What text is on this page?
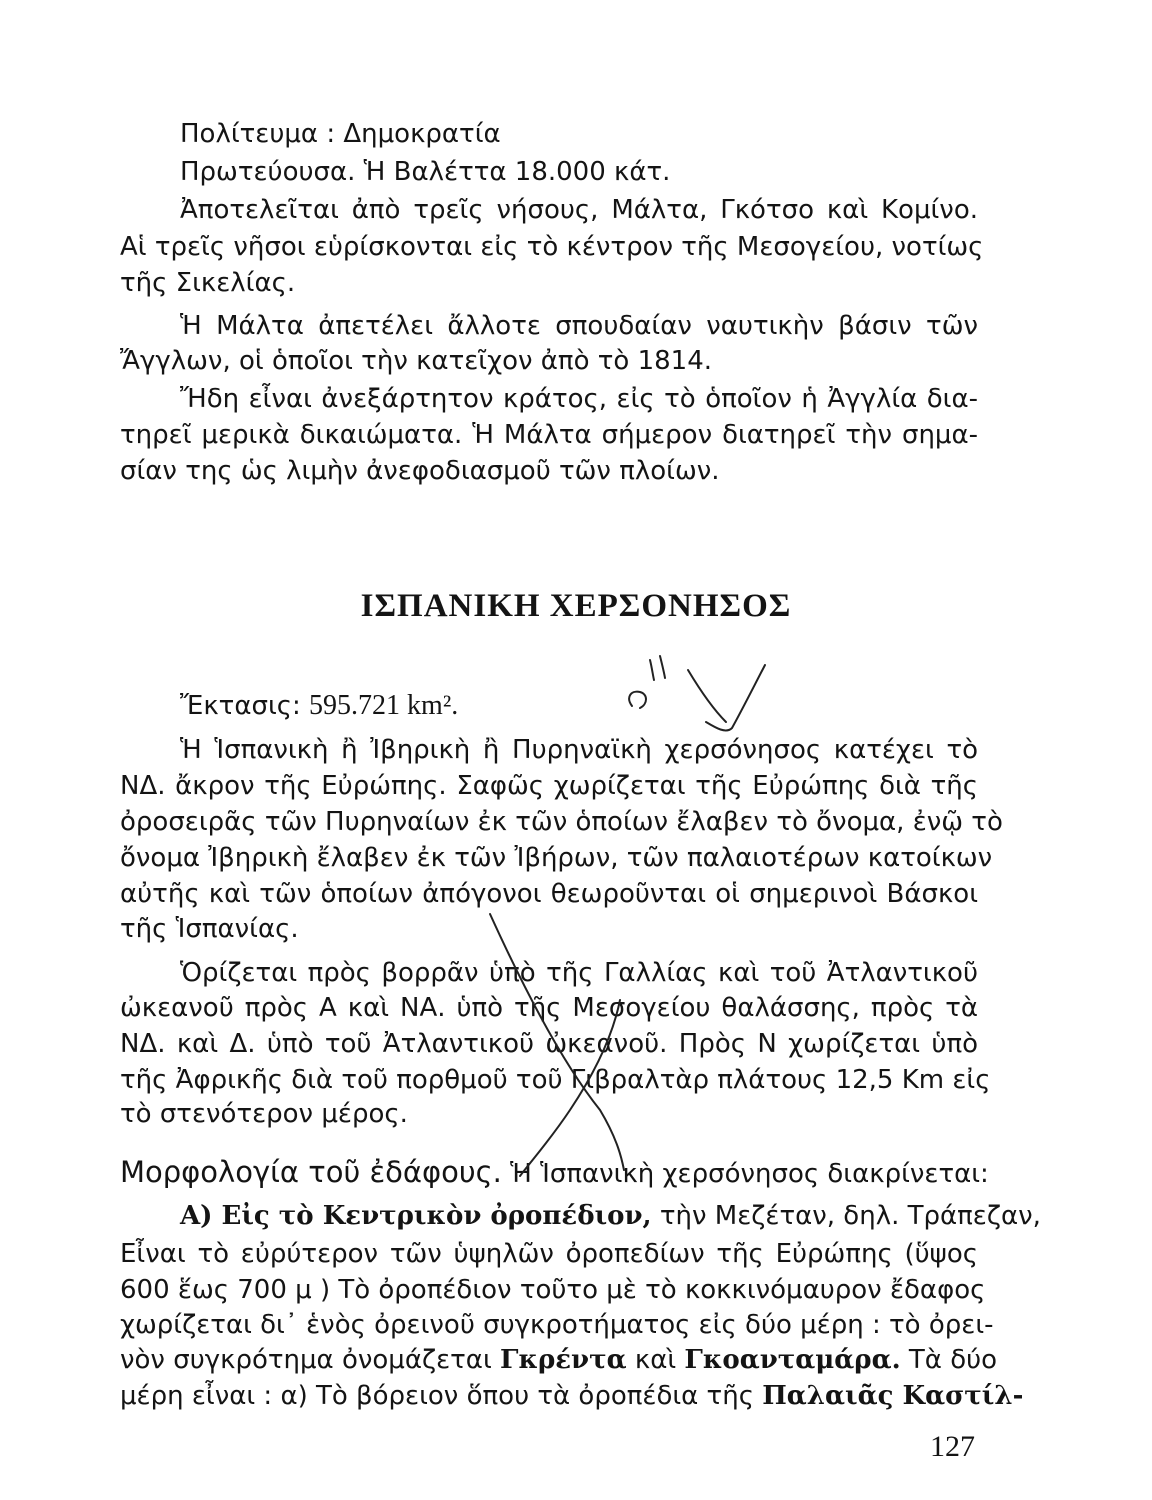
Πολίτευμα : Δημοκρατία
Πρωτεύουσα. Ἡ Βαλέττα 18.000 κάτ.
Ἀποτελεῖται ἀπὸ τρεῖς νήσους, Μάλτα, Γκότσο καὶ Κομίνο.
Αἱ τρεῖς νῆσοι εὑρίσκονται εἰς τὸ κέντρον τῆς Μεσογείου, νοτίως
τῆς Σικελίας.
Ἡ Μάλτα ἀπετέλει ἄλλοτε σπουδαίαν ναυτικὴν βάσιν τῶν
Ἄγγλων, οἱ ὁποῖοι τὴν κατεῖχον ἀπὸ τὸ 1814.
Ἤδη εἶναι ἀνεξάρτητον κράτος, εἰς τὸ ὁποῖον ἡ Ἀγγλία δια-
τηρεῖ μερικὰ δικαιώματα. Ἡ Μάλτα σήμερον διατηρεῖ τὴν σημα-
σίαν της ὡς λιμὴν ἀνεφοδιασμοῦ τῶν πλοίων.
ΙΣΠΑΝΙΚΗ ΧΕΡΣΟΝΗΣΟΣ
Ἔκτασις: 595.721 km².
Ἡ Ἱσπανικὴ ἢ Ἰβηρικὴ ἢ Πυρηναϊκὴ χερσόνησος κατέχει τὸ
ΝΔ. ἄκρον τῆς Εὐρώπης. Σαφῶς χωρίζεται τῆς Εὐρώπης διὰ τῆς
ὀροσειρᾶς τῶν Πυρηναίων ἐκ τῶν ὁποίων ἔλαβεν τὸ ὄνομα, ἐνῷ τὸ
ὄνομα Ἰβηρικὴ ἔλαβεν ἐκ τῶν Ἰβήρων, τῶν παλαιοτέρων κατοίκων
αὐτῆς καὶ τῶν ὁποίων ἀπόγονοι θεωροῦνται οἱ σημερινοὶ Βάσκοι
τῆς Ἱσπανίας.
Ὁρίζεται πρὸς βορρᾶν ὑπὸ τῆς Γαλλίας καὶ τοῦ Ἀτλαντικοῦ
ὠκεανοῦ πρὸς Α καὶ ΝΑ. ὑπὸ τῆς Μεσογείου θαλάσσης, πρὸς τὰ
ΝΔ. καὶ Δ. ὑπὸ τοῦ Ἀτλαντικοῦ ὠκεανοῦ. Πρὸς Ν χωρίζεται ὑπὸ
τῆς Ἀφρικῆς διὰ τοῦ πορθμοῦ τοῦ Γιβραλτὰρ πλάτους 12,5 Km εἰς
τὸ στενότερον μέρος.
Μορφολογία τοῦ ἐδάφους. Ἡ Ἱσπανικὴ χερσόνησος διακρίνεται:
Α) Εἰς τὸ Κεντρικὸν ὀροπέδιον, τὴν Μεζέταν, δηλ. Τράπεζαν,
Εἶναι τὸ εὐρύτερον τῶν ὑψηλῶν ὀροπεδίων τῆς Εὐρώπης (ὕψος
600 ἕως 700 μ ) Τὸ ὀροπέδιον τοῦτο μὲ τὸ κοκκινόμαυρον ἔδαφος
χωρίζεται δι᾽ ἑνὸς ὀρεινοῦ συγκροτήματος εἰς δύο μέρη : τὸ ὀρει-
νὸν συγκρότημα ὀνομάζεται Γκρέντα καὶ Γκοανταμάρα. Τὰ δύο
μέρη εἶναι : α) Τὸ βόρειον ὅπου τὰ ὀροπέδια τῆς Παλαιᾶς Καστίλ-
127
